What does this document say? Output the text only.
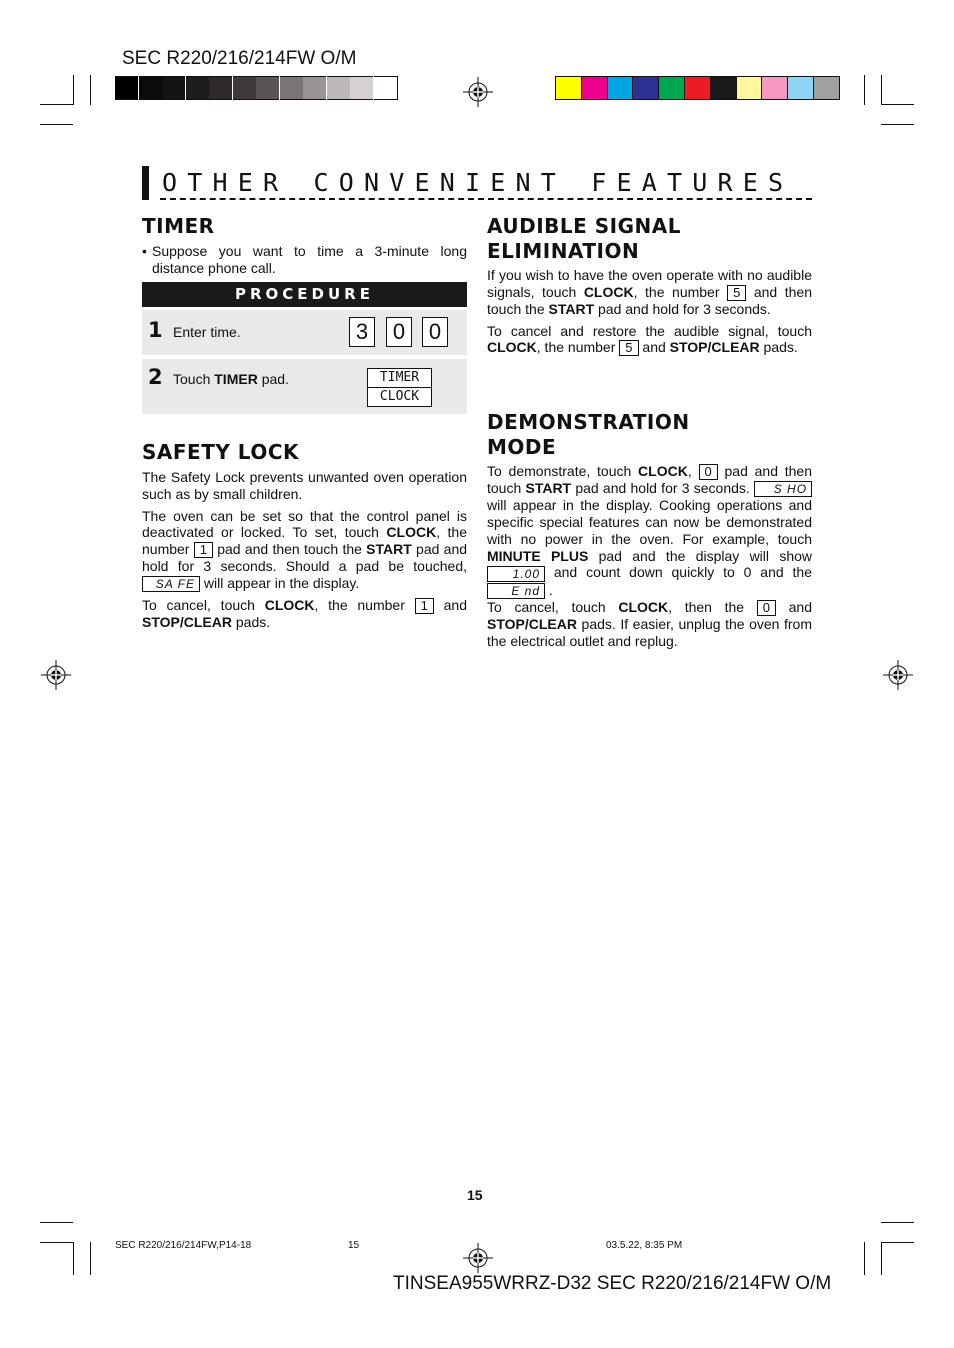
SEC R220/216/214FW O/M
OTHER CONVENIENT FEATURES
TIMER
• Suppose you want to time a 3-minute long distance phone call.
PROCEDURE
1 Enter time.	3	0	0
2 Touch TIMER pad.	TIMER
CLOCK
SAFETY LOCK

The Safety Lock prevents unwanted oven operation such as by small children.

The oven can be set so that the control panel is deactivated or locked. To set, touch CLOCK, the number 1 pad and then touch the START pad and hold for 3 seconds. Should a pad be touched, SA FE will appear in the display.

To cancel, touch CLOCK, the number 1 and STOP/CLEAR pads.

AUDIBLE SIGNAL
ELIMINATION

If you wish to have the oven operate with no audible signals, touch CLOCK, the number 5 and then touch the START pad and hold for 3 seconds.

To cancel and restore the audible signal, touch CLOCK, the number 5 and STOP/CLEAR pads.

DEMONSTRATION
MODE

To demonstrate, touch CLOCK, 0 pad and then touch START pad and hold for 3 seconds. S HO will appear in the display. Cooking operations and specific special features can now be demonstrated with no power in the oven. For example, touch MINUTE PLUS pad and the display will show 1.00 and count down quickly to 0 and the E nd .
To cancel, touch CLOCK, then the 0 and STOP/CLEAR pads. If easier, unplug the oven from the electrical outlet and replug.

15
SEC R220/216/214FW,P14-18	15	03.5.22, 8:35 PM
TINSEA955WRRZ-D32 SEC R220/216/214FW O/M
